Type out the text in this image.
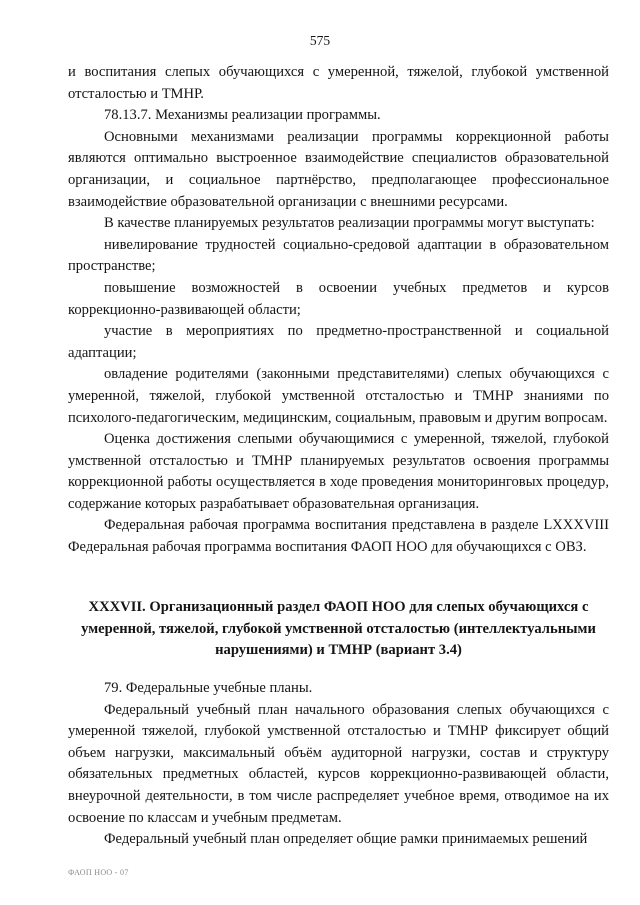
575

и воспитания слепых обучающихся с умеренной, тяжелой, глубокой умственной отсталостью и ТМНР.

78.13.7. Механизмы реализации программы.

Основными механизмами реализации программы коррекционной работы являются оптимально выстроенное взаимодействие специалистов образовательной организации, и социальное партнёрство, предполагающее профессиональное взаимодействие образовательной организации с внешними ресурсами.

В качестве планируемых результатов реализации программы могут выступать:

нивелирование трудностей социально-средовой адаптации в образовательном пространстве;

повышение возможностей в освоении учебных предметов и курсов коррекционно-развивающей области;

участие в мероприятиях по предметно-пространственной и социальной адаптации;

овладение родителями (законными представителями) слепых обучающихся с умеренной, тяжелой, глубокой умственной отсталостью и ТМНР знаниями по психолого-педагогическим, медицинским, социальным, правовым и другим вопросам.

Оценка достижения слепыми обучающимися с умеренной, тяжелой, глубокой умственной отсталостью и ТМНР планируемых результатов освоения программы коррекционной работы осуществляется в ходе проведения мониторинговых процедур, содержание которых разрабатывает образовательная организация.

Федеральная рабочая программа воспитания представлена в разделе LXXXVIII Федеральная рабочая программа воспитания ФАОП НОО для обучающихся с ОВЗ.

XXXVII. Организационный раздел ФАОП НОО для слепых обучающихся с умеренной, тяжелой, глубокой умственной отсталостью (интеллектуальными нарушениями) и ТМНР (вариант 3.4)

79. Федеральные учебные планы.

Федеральный учебный план начального образования слепых обучающихся с умеренной тяжелой, глубокой умственной отсталостью и ТМНР фиксирует общий объем нагрузки, максимальный объём аудиторной нагрузки, состав и структуру обязательных предметных областей, курсов коррекционно-развивающей области, внеурочной деятельности, в том числе распределяет учебное время, отводимое на их освоение по классам и учебным предметам.

Федеральный учебный план определяет общие рамки принимаемых решений

ФАОП НОО - 07
